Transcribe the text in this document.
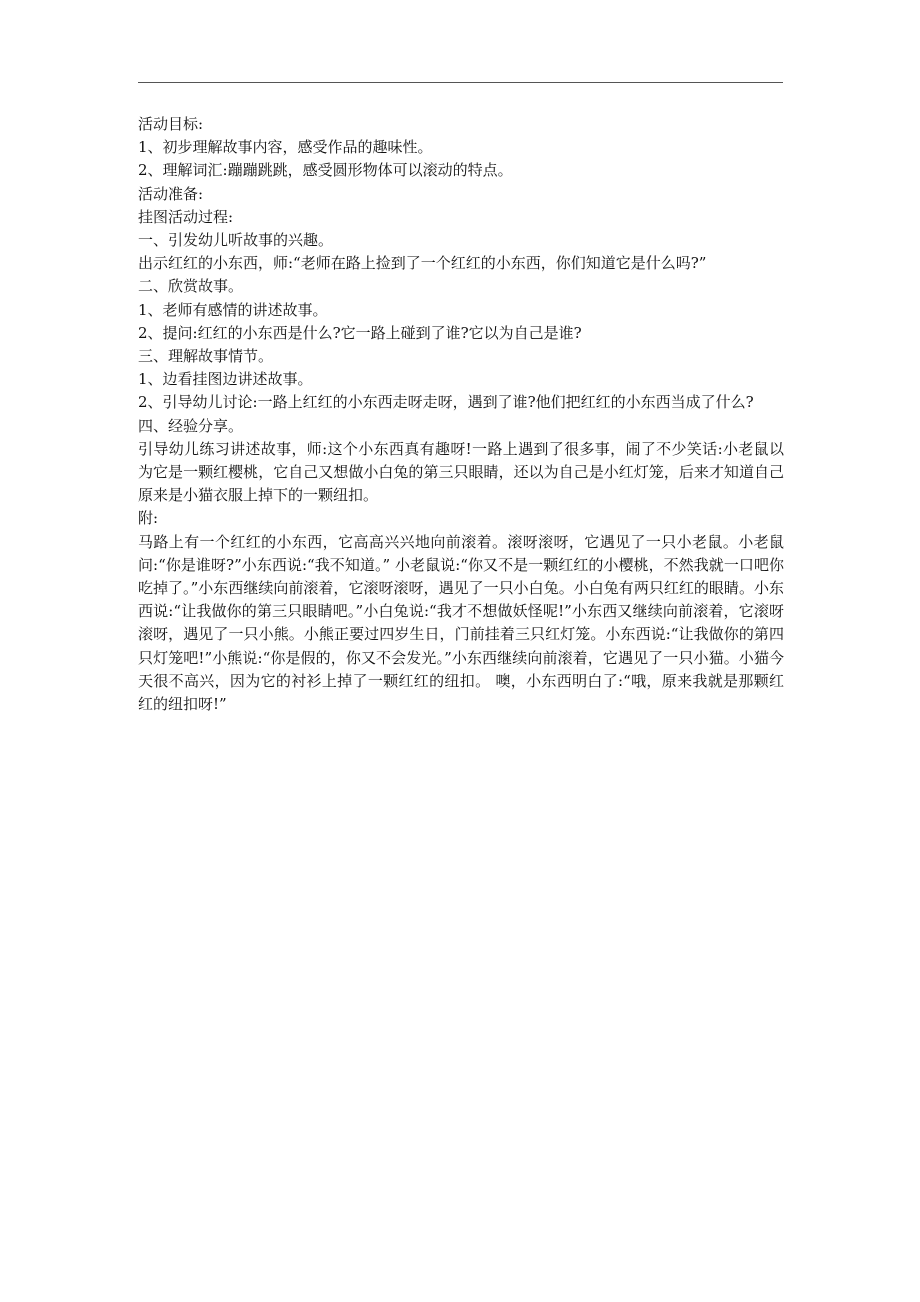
活动目标:
1、初步理解故事内容，感受作品的趣味性。
2、理解词汇:蹦蹦跳跳，感受圆形物体可以滚动的特点。
活动准备:
挂图活动过程:
一、引发幼儿听故事的兴趣。
出示红红的小东西，师:“老师在路上捡到了一个红红的小东西，你们知道它是什么吗?”
二、欣赏故事。
1、老师有感情的讲述故事。
2、提问:红红的小东西是什么?它一路上碰到了谁?它以为自己是谁?
三、理解故事情节。
1、边看挂图边讲述故事。
2、引导幼儿讨论:一路上红红的小东西走呀走呀，遇到了谁?他们把红红的小东西当成了什么?
四、经验分享。
引导幼儿练习讲述故事，师:这个小东西真有趣呀!一路上遇到了很多事，闹了不少笑话:小老鼠以为它是一颗红樱桃，它自己又想做小白兔的第三只眼睛，还以为自己是小红灯笼，后来才知道自己原来是小猫衣服上掉下的一颗纽扣。
附:
马路上有一个红红的小东西，它高高兴兴地向前滚着。滚呀滚呀，它遇见了一只小老鼠。小老鼠问:“你是谁呀?”小东西说:“我不知道。” 小老鼠说:“你又不是一颗红红的小樱桃，不然我就一口吧你吃掉了。”小东西继续向前滚着，它滚呀滚呀，遇见了一只小白兔。小白兔有两只红红的眼睛。小东西说:“让我做你的第三只眼睛吧。”小白兔说:“我才不想做妖怪呢!”小东西又继续向前滚着，它滚呀滚呀，遇见了一只小熊。小熊正要过四岁生日，门前挂着三只红灯笼。小东西说:“让我做你的第四只灯笼吧!”小熊说:“你是假的，你又不会发光。”小东西继续向前滚着，它遇见了一只小猫。小猫今天很不高兴，因为它的衬衫上掉了一颗红红的纽扣。 噢，小东西明白了:“哦，原来我就是那颗红红的纽扣呀!”
